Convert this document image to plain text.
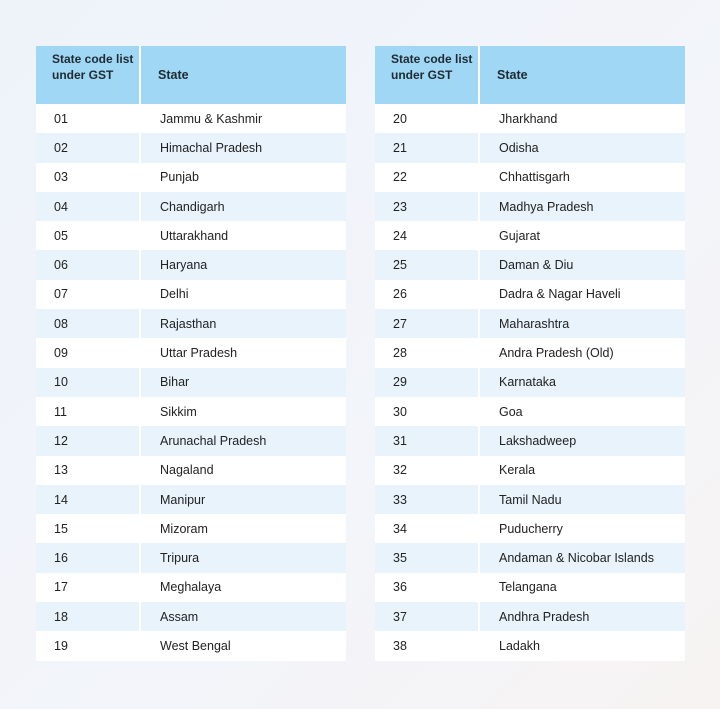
State code list under GST	State
01	Jammu & Kashmir
02	Himachal Pradesh
03	Punjab
04	Chandigarh
05	Uttarakhand
06	Haryana
07	Delhi
08	Rajasthan
09	Uttar Pradesh
10	Bihar
11	Sikkim
12	Arunachal Pradesh
13	Nagaland
14	Manipur
15	Mizoram
16	Tripura
17	Meghalaya
18	Assam
19	West Bengal
State code list under GST	State
20	Jharkhand
21	Odisha
22	Chhattisgarh
23	Madhya Pradesh
24	Gujarat
25	Daman & Diu
26	Dadra & Nagar Haveli
27	Maharashtra
28	Andra Pradesh (Old)
29	Karnataka
30	Goa
31	Lakshadweep
32	Kerala
33	Tamil Nadu
34	Puducherry
35	Andaman & Nicobar Islands
36	Telangana
37	Andhra Pradesh
38	Ladakh
